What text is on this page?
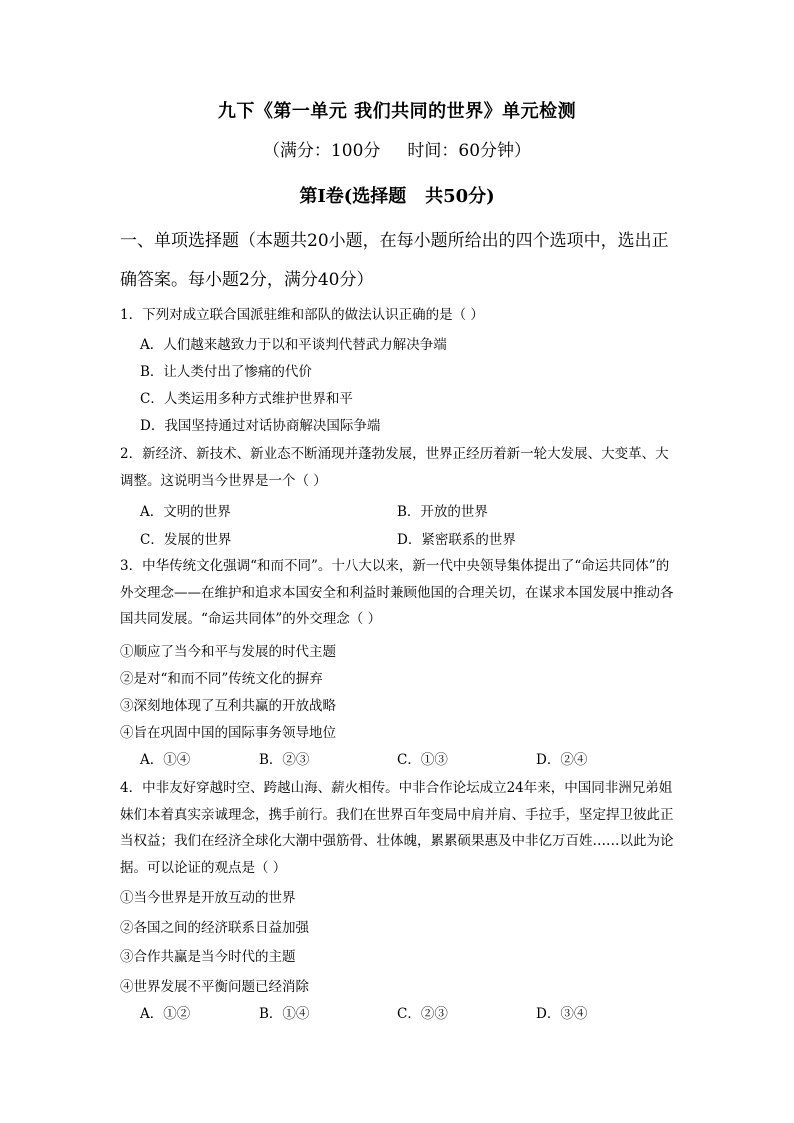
九下《第一单元 我们共同的世界》单元检测
（满分：100分     时间：60分钟）
第Ⅰ卷(选择题   共50分)
一、单项选择题（本题共20小题，在每小题所给出的四个选项中，选出正确答案。每小题2分，满分40分）
1．下列对成立联合国派驻维和部队的做法认识正确的是（ ）
A．人们越来越致力于以和平谈判代替武力解决争端
B．让人类付出了惨痛的代价
C．人类运用多种方式维护世界和平
D．我国坚持通过对话协商解决国际争端
2．新经济、新技术、新业态不断涌现并蓬勃发展，世界正经历着新一轮大发展、大变革、大调整。这说明当今世界是一个（ ）
A．文明的世界	B．开放的世界
C．发展的世界	D．紧密联系的世界
3．中华传统文化强调“和而不同”。十八大以来，新一代中央领导集体提出了“命运共同体”的外交理念——在维护和追求本国安全和利益时兼顾他国的合理关切，在谋求本国发展中推动各国共同发展。“命运共同体”的外交理念（ ）
①顺应了当今和平与发展的时代主题
②是对“和而不同”传统文化的摒弃
③深刻地体现了互利共赢的开放战略
④旨在巩固中国的国际事务领导地位
A．①④	B．②③	C．①③	D．②④
4．中非友好穿越时空、跨越山海、薪火相传。中非合作论坛成立24年来，中国同非洲兄弟姐妹们本着真实亲诚理念，携手前行。我们在世界百年变局中肩并肩、手拉手，坚定捍卫彼此正当权益；我们在经济全球化大潮中强筋骨、壮体魄，累累硕果惠及中非亿万百姓……以此为论据。可以论证的观点是（ ）
①当今世界是开放互动的世界
②各国之间的经济联系日益加强
③合作共赢是当今时代的主题
④世界发展不平衡问题已经消除
A．①②	B．①④	C．②③	D．③④
